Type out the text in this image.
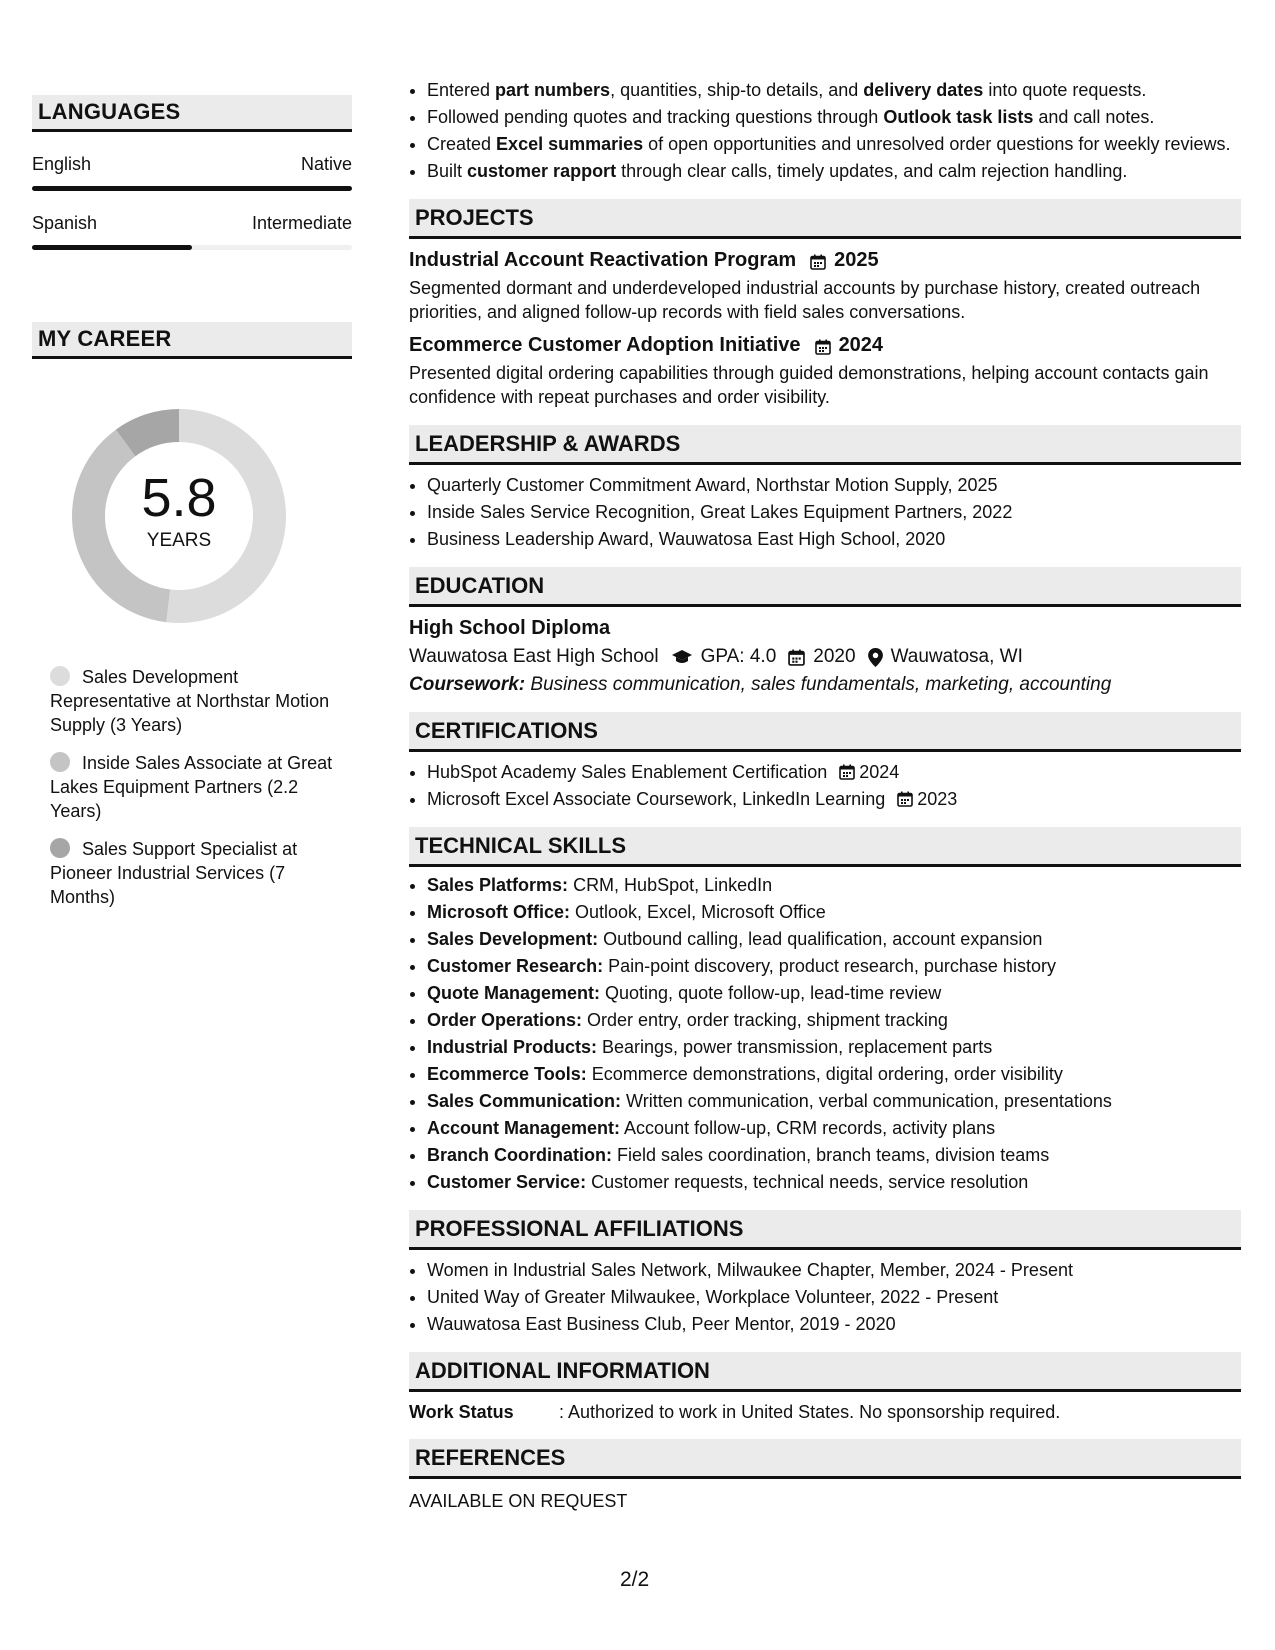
LANGUAGES
English	Native
Spanish	Intermediate
MY CAREER
5.8
YEARS
Sales Development Representative at Northstar Motion Supply (3 Years)
Inside Sales Associate at Great Lakes Equipment Partners (2.2 Years)
Sales Support Specialist at Pioneer Industrial Services (7 Months)
• Entered part numbers, quantities, ship-to details, and delivery dates into quote requests.
• Followed pending quotes and tracking questions through Outlook task lists and call notes.
• Created Excel summaries of open opportunities and unresolved order questions for weekly reviews.
• Built customer rapport through clear calls, timely updates, and calm rejection handling.
PROJECTS
Industrial Account Reactivation Program 2025
Segmented dormant and underdeveloped industrial accounts by purchase history, created outreach priorities, and aligned follow-up records with field sales conversations.
Ecommerce Customer Adoption Initiative 2024
Presented digital ordering capabilities through guided demonstrations, helping account contacts gain confidence with repeat purchases and order visibility.
LEADERSHIP & AWARDS
• Quarterly Customer Commitment Award, Northstar Motion Supply, 2025
• Inside Sales Service Recognition, Great Lakes Equipment Partners, 2022
• Business Leadership Award, Wauwatosa East High School, 2020
EDUCATION
High School Diploma
Wauwatosa East High School GPA: 4.0 2020 Wauwatosa, WI
Coursework: Business communication, sales fundamentals, marketing, accounting
CERTIFICATIONS
• HubSpot Academy Sales Enablement Certification 2024
• Microsoft Excel Associate Coursework, LinkedIn Learning 2023
TECHNICAL SKILLS
• Sales Platforms: CRM, HubSpot, LinkedIn
• Microsoft Office: Outlook, Excel, Microsoft Office
• Sales Development: Outbound calling, lead qualification, account expansion
• Customer Research: Pain-point discovery, product research, purchase history
• Quote Management: Quoting, quote follow-up, lead-time review
• Order Operations: Order entry, order tracking, shipment tracking
• Industrial Products: Bearings, power transmission, replacement parts
• Ecommerce Tools: Ecommerce demonstrations, digital ordering, order visibility
• Sales Communication: Written communication, verbal communication, presentations
• Account Management: Account follow-up, CRM records, activity plans
• Branch Coordination: Field sales coordination, branch teams, division teams
• Customer Service: Customer requests, technical needs, service resolution
PROFESSIONAL AFFILIATIONS
• Women in Industrial Sales Network, Milwaukee Chapter, Member, 2024 - Present
• United Way of Greater Milwaukee, Workplace Volunteer, 2022 - Present
• Wauwatosa East Business Club, Peer Mentor, 2019 - 2020
ADDITIONAL INFORMATION
Work Status	: Authorized to work in United States. No sponsorship required.
REFERENCES
AVAILABLE ON REQUEST
2/2
